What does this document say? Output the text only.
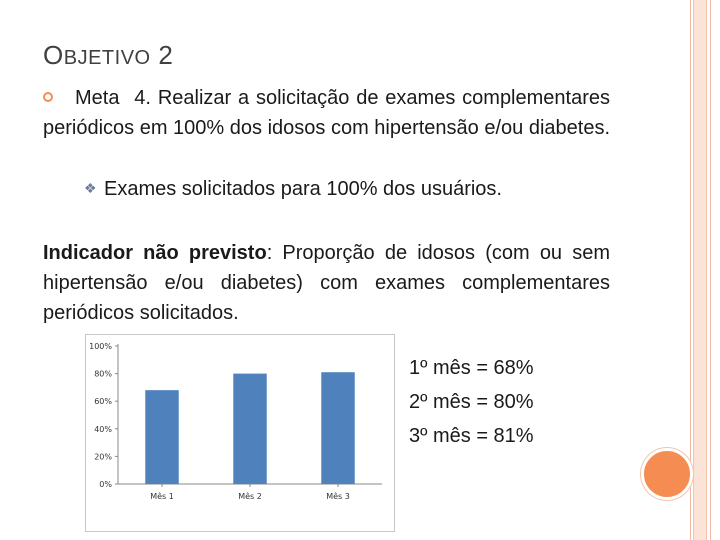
OBJETIVO 2
Meta 4. Realizar a solicitação de exames complementares periódicos em 100% dos idosos com hipertensão e/ou diabetes.
❖ Exames solicitados para 100% dos usuários.
Indicador não previsto: Proporção de idosos (com ou sem hipertensão e/ou diabetes) com exames complementares periódicos solicitados.
0%
20%
40%
60%
80%
100%
Mês 1	Mês 2	Mês 3
1º mês = 68%
2º mês = 80%
3º mês = 81%
